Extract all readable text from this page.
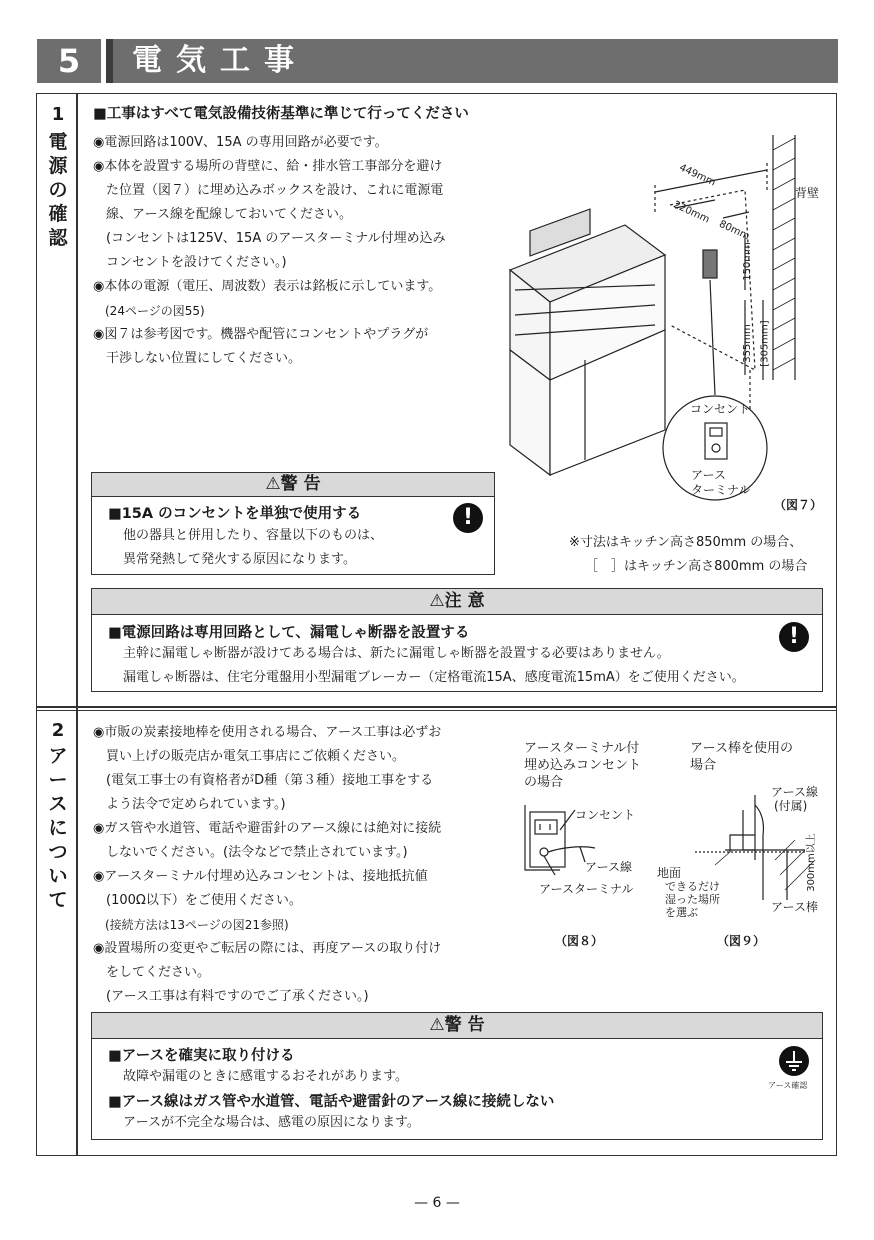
5	電気工事
1
電源の確認
■工事はすべて電気設備技術基準に準じて行ってください
◉電源回路は100V、15A の専用回路が必要です。
◉本体を設置する場所の背壁に、給・排水管工事部分を避け
　た位置（図７）に埋め込みボックスを設け、これに電源電
　線、アース線を配線しておいてください。
　(コンセントは125V、15A のアースターミナル付埋め込み
　コンセントを設けてください。)
◉本体の電源（電圧、周波数）表示は銘板に示しています。
　(24ページの図55)
◉図７は参考図です。機器や配管にコンセントやプラグが
　干渉しない位置にしてください。
背壁
449mm
220mm
80mm
150mm
355mm [305mm]
コンセント
アース
ターミナル
（図７）
※寸法はキッチン高さ850mm の場合、
［　］はキッチン高さ800mm の場合
⚠警 告
■15A のコンセントを単独で使用する
他の器具と併用したり、容量以下のものは、
異常発熱して発火する原因になります。
!
⚠注 意
■電源回路は専用回路として、漏電しゃ断器を設置する
主幹に漏電しゃ断器が設けてある場合は、新たに漏電しゃ断器を設置する必要はありません。
漏電しゃ断器は、住宅分電盤用小型漏電ブレーカー（定格電流15A、感度電流15mA）をご使用ください。
!
2
アースについて
◉市販の炭素接地棒を使用される場合、アース工事は必ずお
　買い上げの販売店か電気工事店にご依頼ください。
　(電気工事士の有資格者がD種（第３種）接地工事をする
　よう法令で定められています。)
◉ガス管や水道管、電話や避雷針のアース線には絶対に接続
　しないでください。(法令などで禁止されています。)
◉アースターミナル付埋め込みコンセントは、接地抵抗値
　(100Ω以下）をご使用ください。
　(接続方法は13ページの図21参照)
◉設置場所の変更やご転居の際には、再度アースの取り付け
　をしてください。
　(アース工事は有料ですのでご了承ください。)
アースターミナル付
埋め込みコンセント
の場合
コンセント
アース線
アースターミナル
（図８）
アース棒を使用の
場合
アース線
(付属)
地面
できるだけ
湿った場所
を選ぶ
300mm以上
アース棒
（図９）
⚠警 告
■アースを確実に取り付ける
故障や漏電のときに感電するおそれがあります。
■アース線はガス管や水道管、電話や避雷針のアース線に接続しない
アースが不完全な場合は、感電の原因になります。
アース確認
— 6 —
